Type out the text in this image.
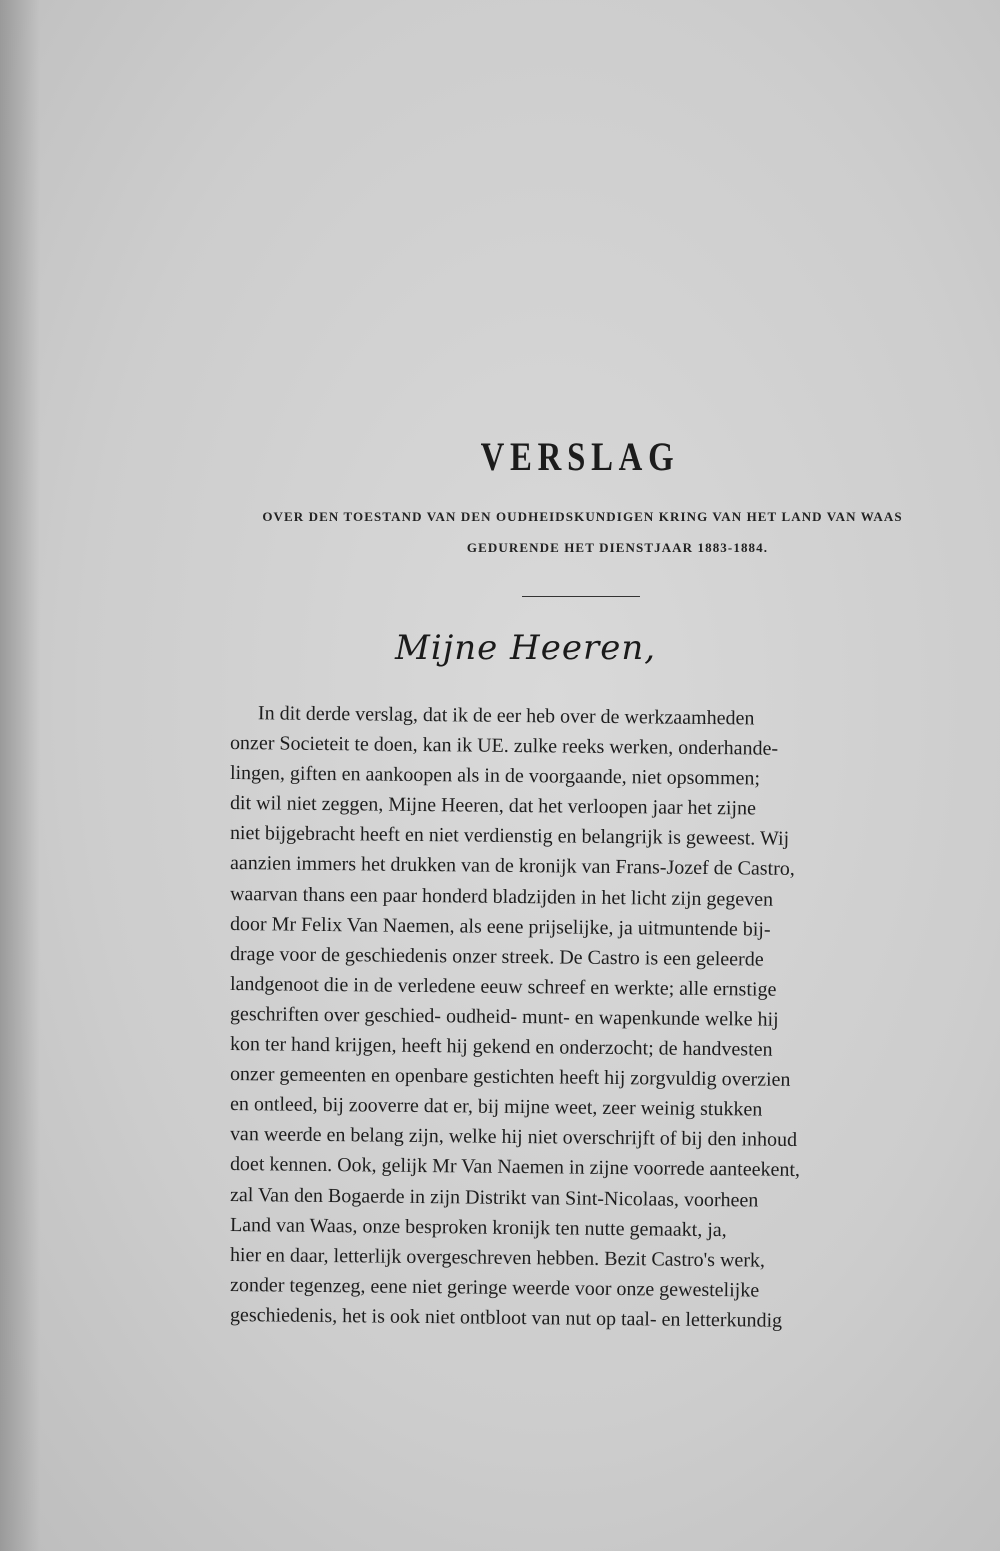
VERSLAG

OVER DEN TOESTAND VAN DEN OUDHEIDSKUNDIGEN KRING VAN HET LAND VAN WAAS

GEDURENDE HET DIENSTJAAR 1883-1884.

Mijne Heeren,

In dit derde verslag, dat ik de eer heb over de werkzaamheden
onzer Societeit te doen, kan ik UE. zulke reeks werken, onderhande-
lingen, giften en aankoopen als in de voorgaande, niet opsommen;
dit wil niet zeggen, Mijne Heeren, dat het verloopen jaar het zijne
niet bijgebracht heeft en niet verdienstig en belangrijk is geweest. Wij
aanzien immers het drukken van de kronijk van Frans-Jozef de Castro,
waarvan thans een paar honderd bladzijden in het licht zijn gegeven
door Mr Felix Van Naemen, als eene prijselijke, ja uitmuntende bij-
drage voor de geschiedenis onzer streek. De Castro is een geleerde
landgenoot die in de verledene eeuw schreef en werkte; alle ernstige
geschriften over geschied- oudheid- munt- en wapenkunde welke hij
kon ter hand krijgen, heeft hij gekend en onderzocht; de handvesten
onzer gemeenten en openbare gestichten heeft hij zorgvuldig overzien
en ontleed, bij zooverre dat er, bij mijne weet, zeer weinig stukken
van weerde en belang zijn, welke hij niet overschrijft of bij den inhoud
doet kennen. Ook, gelijk Mr Van Naemen in zijne voorrede aanteekent,
zal Van den Bogaerde in zijn Distrikt van Sint-Nicolaas, voorheen
Land van Waas, onze besproken kronijk ten nutte gemaakt, ja,
hier en daar, letterlijk overgeschreven hebben. Bezit Castro's werk,
zonder tegenzeg, eene niet geringe weerde voor onze gewestelijke
geschiedenis, het is ook niet ontbloot van nut op taal- en letterkundig
